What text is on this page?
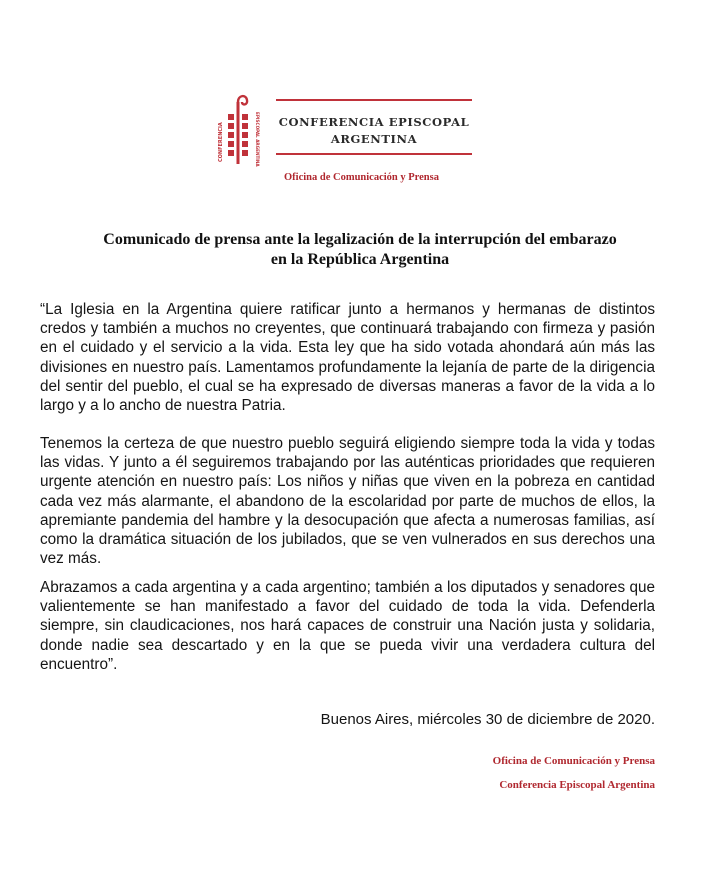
CONFERENCIA	EPISCOPAL ARGENTINA CONFERENCIA EPISCOPAL
ARGENTINA
Oficina de Comunicación y Prensa
Comunicado de prensa ante la legalización de la interrupción del embarazo
en la República Argentina
“La Iglesia en la Argentina quiere ratificar junto a hermanos y hermanas de distintos credos y también a muchos no creyentes, que continuará trabajando con firmeza y pasión en el cuidado y el servicio a la vida. Esta ley que ha sido votada ahondará aún más las divisiones en nuestro país. Lamentamos profundamente la lejanía de parte de la dirigencia del sentir del pueblo, el cual se ha expresado de diversas maneras a favor de la vida a lo largo y a lo ancho de nuestra Patria.
Tenemos la certeza de que nuestro pueblo seguirá eligiendo siempre toda la vida y todas las vidas. Y junto a él seguiremos trabajando por las auténticas prioridades que requieren urgente atención en nuestro país: Los niños y niñas que viven en la pobreza en cantidad cada vez más alarmante, el abandono de la escolaridad por parte de muchos de ellos, la apremiante pandemia del hambre y la desocupación que afecta a numerosas familias, así como la dramática situación de los jubilados, que se ven vulnerados en sus derechos una vez más.
Abrazamos a cada argentina y a cada argentino; también a los diputados y senadores que valientemente se han manifestado a favor del cuidado de toda la vida. Defenderla siempre, sin claudicaciones, nos hará capaces de construir una Nación justa y solidaria, donde nadie sea descartado y en la que se pueda vivir una verdadera cultura del encuentro”.
Buenos Aires, miércoles 30 de diciembre de 2020.
Oficina de Comunicación y Prensa
Conferencia Episcopal Argentina
